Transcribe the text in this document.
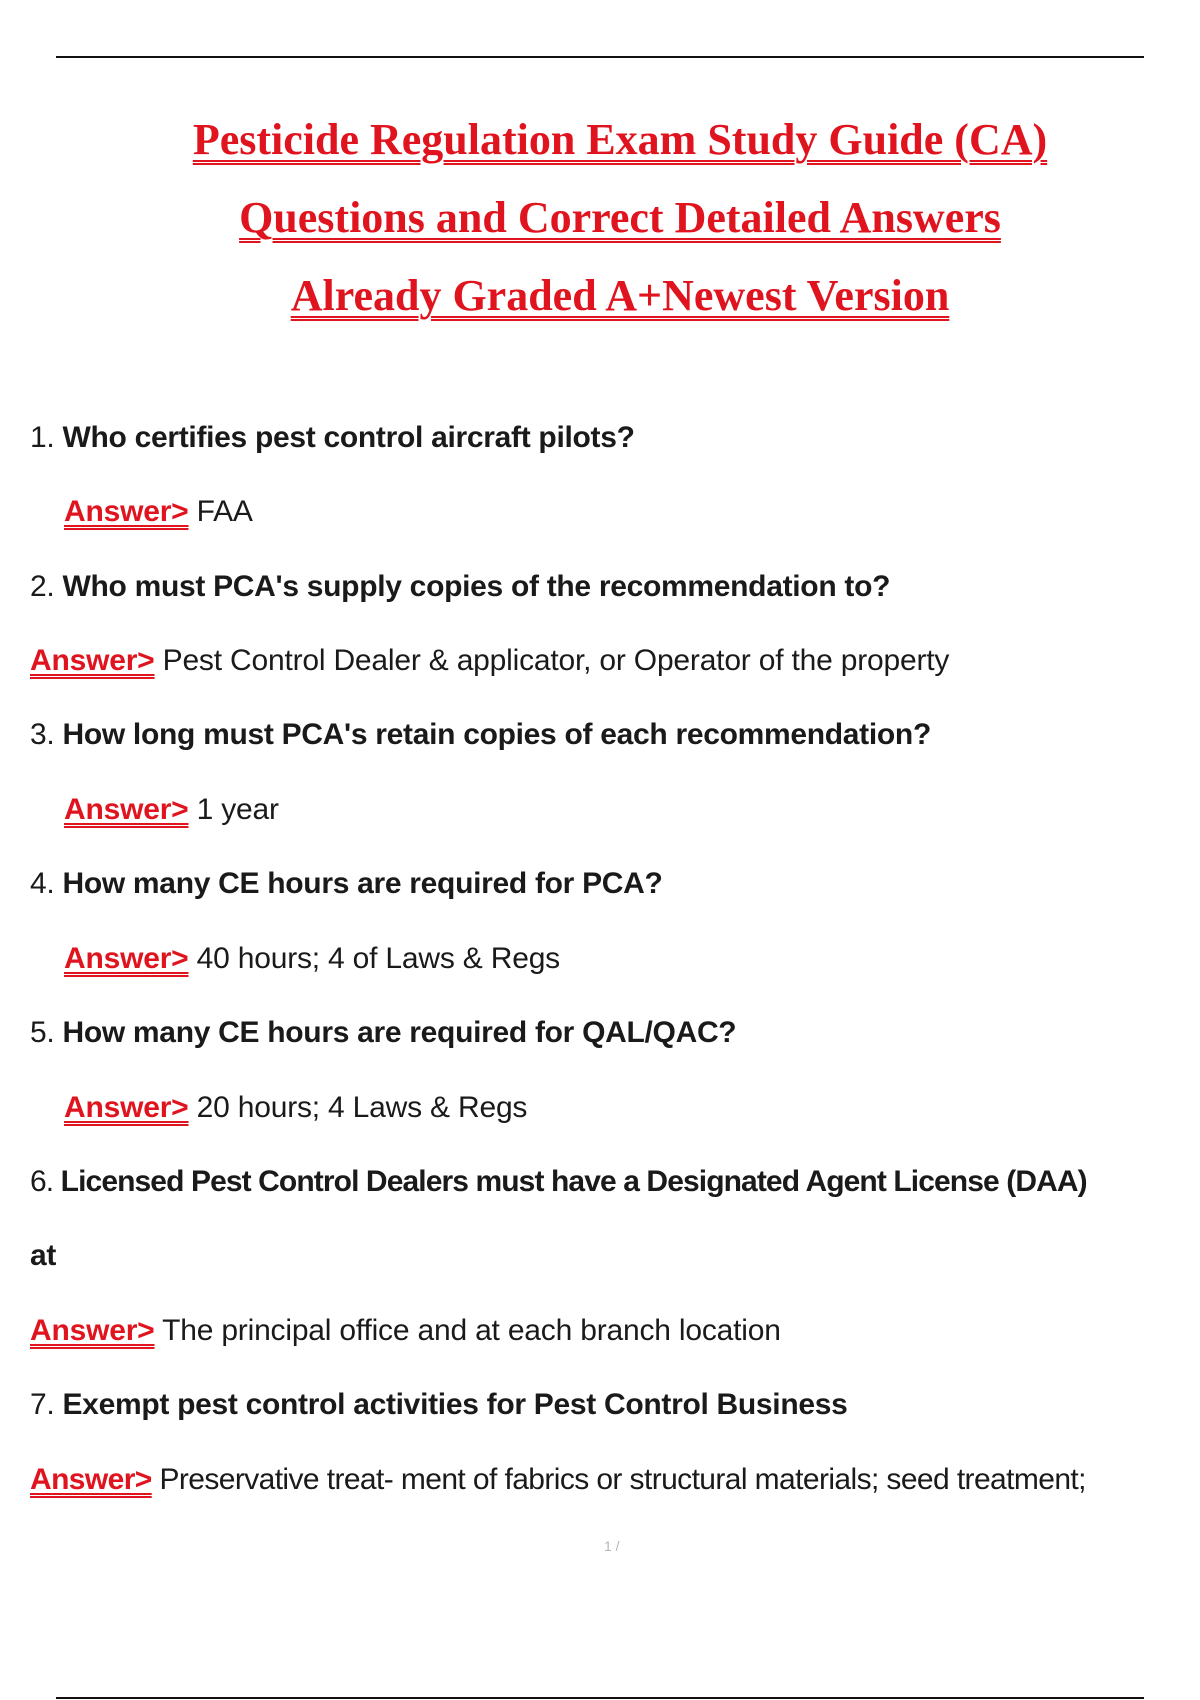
Pesticide Regulation Exam Study Guide (CA)
Questions and Correct Detailed Answers
Already Graded A+Newest Version
1. Who certifies pest control aircraft pilots?
Answer> FAA
2. Who must PCA's supply copies of the recommendation to?
Answer> Pest Control Dealer & applicator, or Operator of the property
3. How long must PCA's retain copies of each recommendation?
Answer> 1 year
4. How many CE hours are required for PCA?
Answer> 40 hours; 4 of Laws & Regs
5. How many CE hours are required for QAL/QAC?
Answer> 20 hours; 4 Laws & Regs
6. Licensed Pest Control Dealers must have a Designated Agent License (DAA)
at
Answer> The principal office and at each branch location
7. Exempt pest control activities for Pest Control Business
Answer> Preservative treat- ment of fabrics or structural materials; seed treatment;
1 /
